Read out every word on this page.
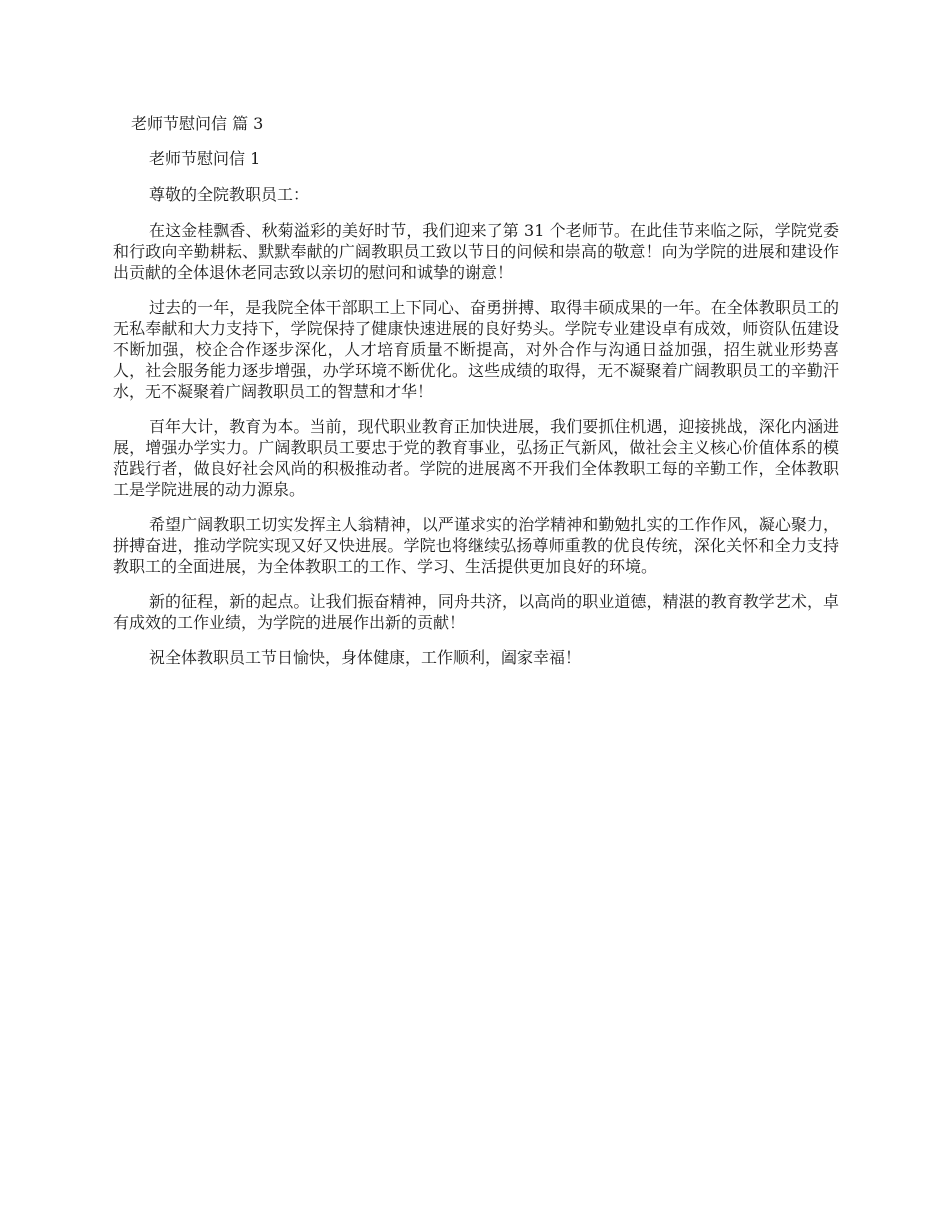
老师节慰问信 篇 3

老师节慰问信 1

尊敬的全院教职员工：

在这金桂飘香、秋菊溢彩的美好时节，我们迎来了第 31 个老师节。在此佳节来临之际，学院党委和行政向辛勤耕耘、默默奉献的广阔教职员工致以节日的问候和崇高的敬意！向为学院的进展和建设作出贡献的全体退休老同志致以亲切的慰问和诚挚的谢意！

过去的一年，是我院全体干部职工上下同心、奋勇拼搏、取得丰硕成果的一年。在全体教职员工的无私奉献和大力支持下，学院保持了健康快速进展的良好势头。学院专业建设卓有成效，师资队伍建设不断加强，校企合作逐步深化，人才培育质量不断提高，对外合作与沟通日益加强，招生就业形势喜人，社会服务能力逐步增强，办学环境不断优化。这些成绩的取得，无不凝聚着广阔教职员工的辛勤汗水，无不凝聚着广阔教职员工的智慧和才华！

百年大计，教育为本。当前，现代职业教育正加快进展，我们要抓住机遇，迎接挑战，深化内涵进展，增强办学实力。广阔教职员工要忠于党的教育事业，弘扬正气新风，做社会主义核心价值体系的模范践行者，做良好社会风尚的积极推动者。学院的进展离不开我们全体教职工每的辛勤工作，全体教职工是学院进展的动力源泉。

希望广阔教职工切实发挥主人翁精神，以严谨求实的治学精神和勤勉扎实的工作作风，凝心聚力，拼搏奋进，推动学院实现又好又快进展。学院也将继续弘扬尊师重教的优良传统，深化关怀和全力支持教职工的全面进展，为全体教职工的工作、学习、生活提供更加良好的环境。

新的征程，新的起点。让我们振奋精神，同舟共济，以高尚的职业道德，精湛的教育教学艺术，卓有成效的工作业绩，为学院的进展作出新的贡献！

祝全体教职员工节日愉快，身体健康，工作顺利，阖家幸福！
